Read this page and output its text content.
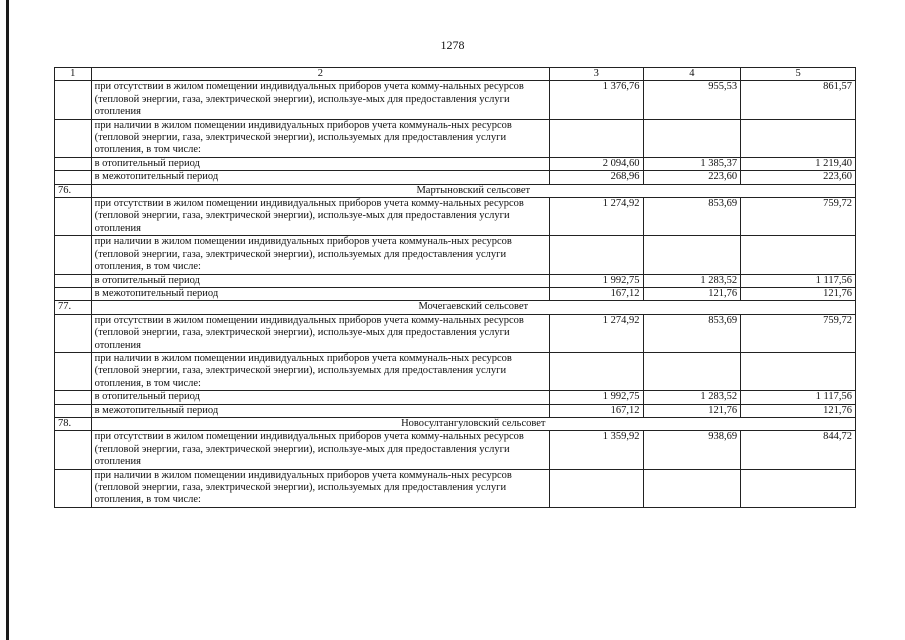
1278
1	2	3	4	5
	при отсутствии в жилом помещении индивидуальных приборов учета комму-нальных ресурсов (тепловой энергии, газа, электрической энергии), используе-мых для предоставления услуги отопления	1 376,76	955,53	861,57
	при наличии в жилом помещении индивидуальных приборов учета коммуналь-ных ресурсов (тепловой энергии, газа, электрической энергии), используемых для предоставления услуги отопления, в том числе:			
	в отопительный период	2 094,60	1 385,37	1 219,40
	в межотопительный период	268,96	223,60	223,60
76.	Мартыновский сельсовет			
	при отсутствии в жилом помещении индивидуальных приборов учета комму-нальных ресурсов (тепловой энергии, газа, электрической энергии), используе-мых для предоставления услуги отопления	1 274,92	853,69	759,72
	при наличии в жилом помещении индивидуальных приборов учета коммуналь-ных ресурсов (тепловой энергии, газа, электрической энергии), используемых для предоставления услуги отопления, в том числе:			
	в отопительный период	1 992,75	1 283,52	1 117,56
	в межотопительный период	167,12	121,76	121,76
77.	Мочегаевский сельсовет			
	при отсутствии в жилом помещении индивидуальных приборов учета комму-нальных ресурсов (тепловой энергии, газа, электрической энергии), используе-мых для предоставления услуги отопления	1 274,92	853,69	759,72
	при наличии в жилом помещении индивидуальных приборов учета коммуналь-ных ресурсов (тепловой энергии, газа, электрической энергии), используемых для предоставления услуги отопления, в том числе:			
	в отопительный период	1 992,75	1 283,52	1 117,56
	в межотопительный период	167,12	121,76	121,76
78.	Новосултангуловский сельсовет			
	при отсутствии в жилом помещении индивидуальных приборов учета комму-нальных ресурсов (тепловой энергии, газа, электрической энергии), используе-мых для предоставления услуги отопления	1 359,92	938,69	844,72
	при наличии в жилом помещении индивидуальных приборов учета коммуналь-ных ресурсов (тепловой энергии, газа, электрической энергии), используемых для предоставления услуги отопления, в том числе:			
